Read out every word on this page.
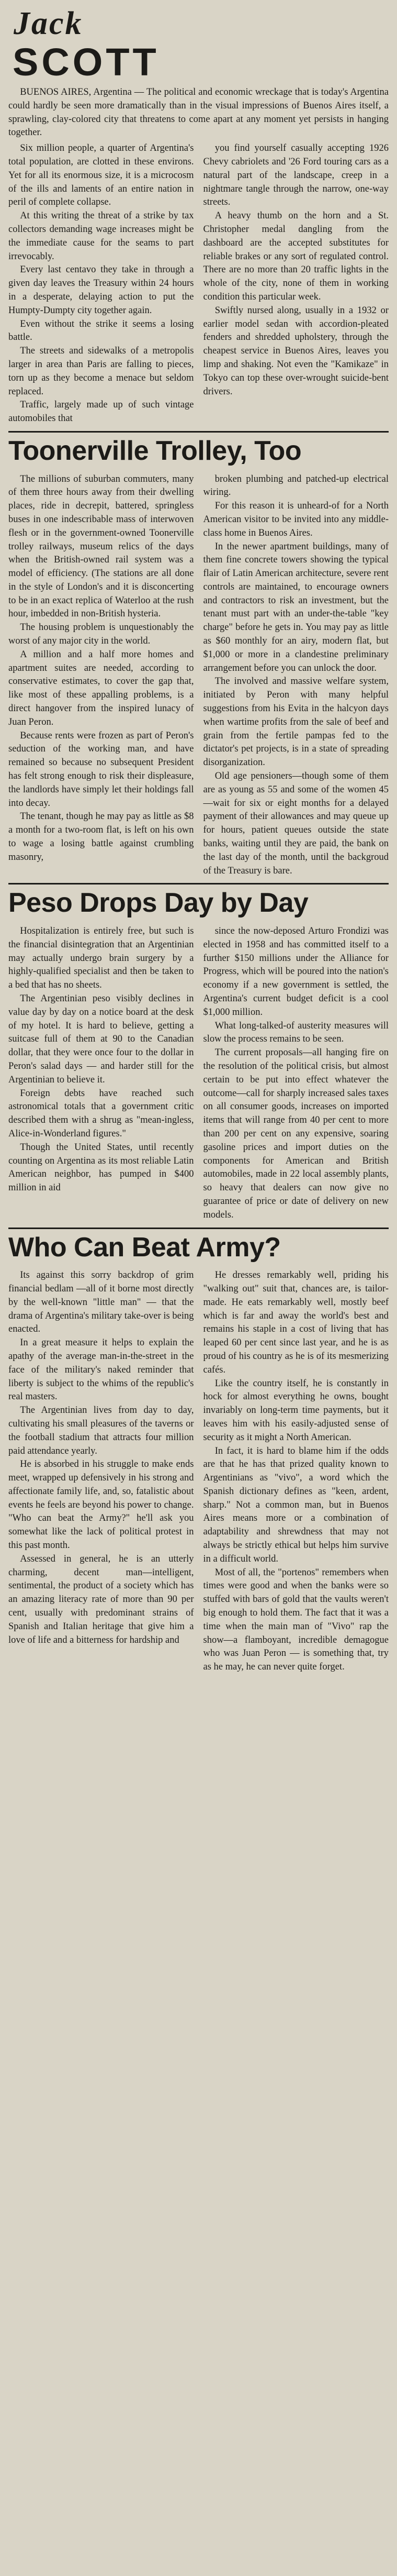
Jack
SCOTT

BUENOS AIRES, Argentina — The political and economic wreckage that is today's Argentina could hardly be seen more dramatically than in the visual impressions of Buenos Aires itself, a sprawling, clay-colored city that threatens to come apart at any moment yet persists in hanging together.

Six million people, a quarter of Argentina's total population, are clotted in these environs. Yet for all its enormous size, it is a microcosm of the ills and laments of an entire nation in peril of complete collapse.

At this writing the threat of a strike by tax collectors demanding wage increases might be the immediate cause for the seams to part irrevocably.

Every last centavo they take in through a given day leaves the Treasury within 24 hours in a desperate, delaying action to put the Humpty-Dumpty city together again.

Even without the strike it seems a losing battle.

The streets and sidewalks of a metropolis larger in area than Paris are falling to pieces, torn up as they become a menace but seldom replaced.

Traffic, largely made up of such vintage automobiles that

you find yourself casually accepting 1926 Chevy cabriolets and '26 Ford touring cars as a natural part of the landscape, creep in a nightmare tangle through the narrow, one-way streets.

A heavy thumb on the horn and a St. Christopher medal dangling from the dashboard are the accepted substitutes for reliable brakes or any sort of regulated control. There are no more than 20 traffic lights in the whole of the city, none of them in working condition this particular week.

Swiftly nursed along, usually in a 1932 or earlier model sedan with accordion-pleated fenders and shredded upholstery, through the cheapest service in Buenos Aires, leaves you limp and shaking. Not even the "Kamikaze" in Tokyo can top these over-wrought suicide-bent drivers.

Toonerville Trolley, Too

The millions of suburban commuters, many of them three hours away from their dwelling places, ride in decrepit, battered, springless buses in one indescribable mass of interwoven flesh or in the government-owned Toonerville trolley railways, museum relics of the days when the British-owned rail system was a model of efficiency. (The stations are all done in the style of London's and it is disconcerting to be in an exact replica of Waterloo at the rush hour, imbedded in non-British hysteria.

The housing problem is unquestionably the worst of any major city in the world.

A million and a half more homes and apartment suites are needed, according to conservative estimates, to cover the gap that, like most of these appalling problems, is a direct hangover from the inspired lunacy of Juan Peron.

Because rents were frozen as part of Peron's seduction of the working man, and have remained so because no subsequent President has felt strong enough to risk their displeasure, the landlords have simply let their holdings fall into decay.

The tenant, though he may pay as little as $8 a month for a two-room flat, is left on his own to wage a losing battle against crumbling masonry,

broken plumbing and patched-up electrical wiring.

For this reason it is unheard-of for a North American visitor to be invited into any middle-class home in Buenos Aires.

In the newer apartment buildings, many of them fine concrete towers showing the typical flair of Latin American architecture, severe rent controls are maintained, to encourage owners and contractors to risk an investment, but the tenant must part with an under-the-table "key charge" before he gets in. You may pay as little as $60 monthly for an airy, modern flat, but $1,000 or more in a clandestine preliminary arrangement before you can unlock the door.

The involved and massive welfare system, initiated by Peron with many helpful suggestions from his Evita in the halcyon days when wartime profits from the sale of beef and grain from the fertile pampas fed to the dictator's pet projects, is in a state of spreading disorganization.

Old age pensioners—though some of them are as young as 55 and some of the women 45—wait for six or eight months for a delayed payment of their allowances and may queue up for hours, patient queues outside the state banks, waiting until they are paid, the bank on the last day of the month, until the backgroud of the Treasury is bare.

Peso Drops Day by Day

Hospitalization is entirely free, but such is the financial disintegration that an Argentinian may actually undergo brain surgery by a highly-qualified specialist and then be taken to a bed that has no sheets.

The Argentinian peso visibly declines in value day by day on a notice board at the desk of my hotel. It is hard to believe, getting a suitcase full of them at 90 to the Canadian dollar, that they were once four to the dollar in Peron's salad days — and harder still for the Argentinian to believe it.

Foreign debts have reached such astronomical totals that a government critic described them with a shrug as "mean-ingless, Alice-in-Wonderland figures."

Though the United States, until recently counting on Argentina as its most reliable Latin American neighbor, has pumped in $400 million in aid

since the now-deposed Arturo Frondizi was elected in 1958 and has committed itself to a further $150 millions under the Alliance for Progress, which will be poured into the nation's economy if a new government is settled, the Argentina's current budget deficit is a cool $1,000 million.

What long-talked-of austerity measures will slow the process remains to be seen.

The current proposals—all hanging fire on the resolution of the political crisis, but almost certain to be put into effect whatever the outcome—call for sharply increased sales taxes on all consumer goods, increases on imported items that will range from 40 per cent to more than 200 per cent on any expensive, soaring gasoline prices and import duties on the components for American and British automobiles, made in 22 local assembly plants, so heavy that dealers can now give no guarantee of price or date of delivery on new models.

Who Can Beat Army?

Its against this sorry backdrop of grim financial bedlam —all of it borne most directly by the well-known "little man" — that the drama of Argentina's military take-over is being enacted.

In a great measure it helps to explain the apathy of the average man-in-the-street in the face of the military's naked reminder that liberty is subject to the whims of the republic's real masters.

The Argentinian lives from day to day, cultivating his small pleasures of the taverns or the football stadium that attracts four million paid attendance yearly.

He is absorbed in his struggle to make ends meet, wrapped up defensively in his strong and affectionate family life, and, so, fatalistic about events he feels are beyond his power to change. "Who can beat the Army?" he'll ask you somewhat like the lack of political protest in this past month.

Assessed in general, he is an utterly charming, decent man—intelligent, sentimental, the product of a society which has an amazing literacy rate of more than 90 per cent, usually with predominant strains of Spanish and Italian heritage that give him a love of life and a bitterness for hardship and

He dresses remarkably well, priding his "walking out" suit that, chances are, is tailor-made. He eats remarkably well, mostly beef which is far and away the world's best and remains his staple in a cost of living that has leaped 60 per cent since last year, and he is as proud of his country as he is of its mesmerizing cafés.

Like the country itself, he is constantly in hock for almost everything he owns, bought invariably on long-term time payments, but it leaves him with his easily-adjusted sense of security as it might a North American.

In fact, it is hard to blame him if the odds are that he has that prized quality known to Argentinians as "vivo", a word which the Spanish dictionary defines as "keen, ardent, sharp." Not a common man, but in Buenos Aires means more or a combination of adaptability and shrewdness that may not always be strictly ethical but helps him survive in a difficult world.

Most of all, the "portenos" remembers when times were good and when the banks were so stuffed with bars of gold that the vaults weren't big enough to hold them. The fact that it was a time when the main man of "Vivo" rap the show—a flamboyant, incredible demagogue who was Juan Peron — is something that, try as he may, he can never quite forget.
